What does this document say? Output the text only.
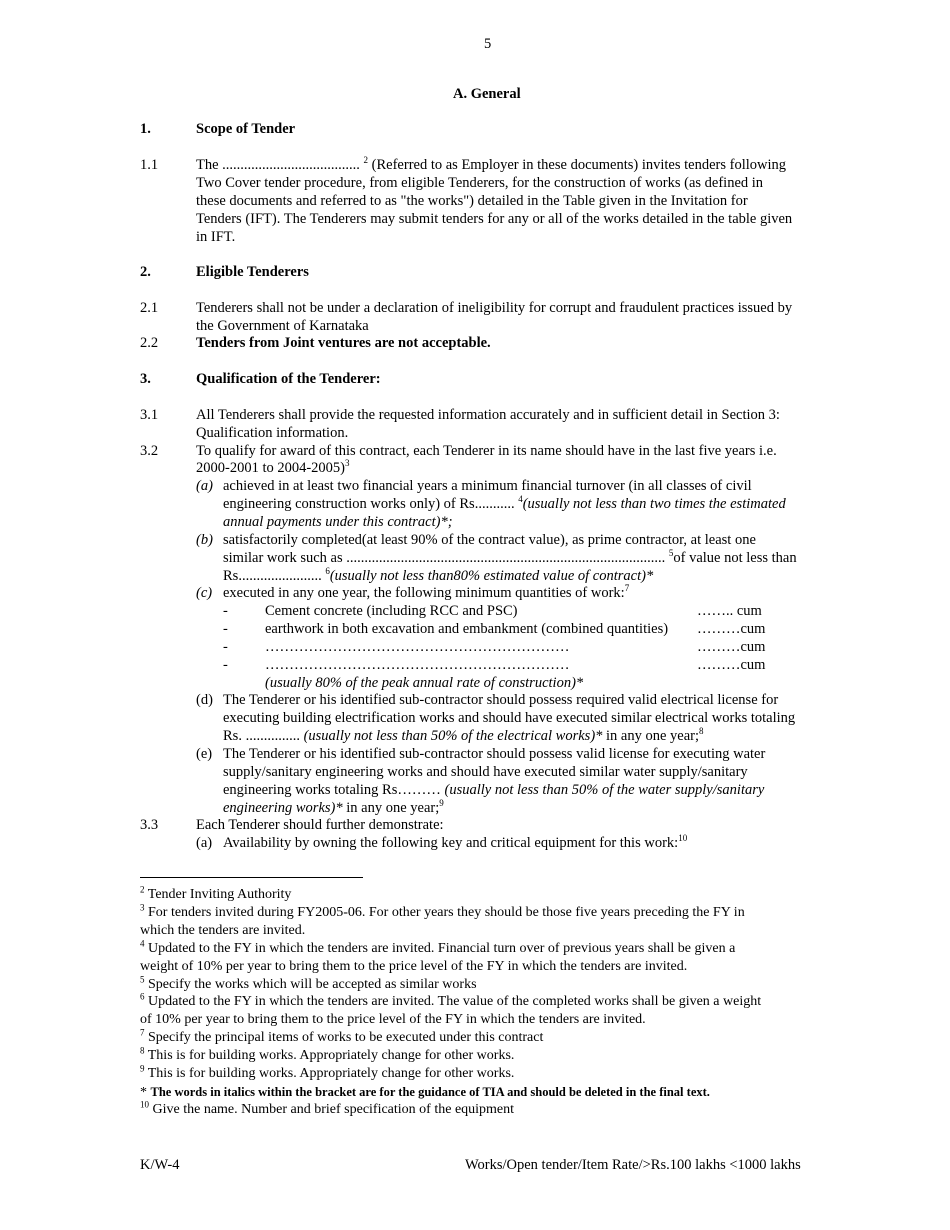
5
A. General
1.	Scope of Tender
1.1	The ...................................... $^2$ (Referred to as Employer in these documents) invites tenders following
Two Cover tender procedure, from eligible Tenderers, for the construction of works (as defined in
these documents and referred to as "the works") detailed in the Table given in the Invitation for
Tenders (IFT). The Tenderers may submit tenders for any or all of the works detailed in the table given
in IFT.
2.	Eligible Tenderers
2.1	Tenderers shall not be under a declaration of ineligibility for corrupt and fraudulent practices issued by
the Government of Karnataka
2.2	Tenders from Joint ventures are not acceptable.
3.	Qualification of the Tenderer:
3.1	All Tenderers shall provide the requested information accurately and in sufficient detail in Section 3:
Qualification information.
3.2	To qualify for award of this contract, each Tenderer in its name should have in the last five years i.e.
2000-2001 to 2004-2005)$^3$
(a) achieved in at least two financial years a minimum financial turnover (in all classes of civil
engineering construction works only) of Rs........... $^4$(usually not less than two times the estimated
annual payments under this contract)*;
(b) satisfactorily completed(at least 90% of the contract value), as prime contractor, at least one
similar work such as ........................................................................................ $^5$of value not less than
Rs....................... $^6$(usually not less than80% estimated value of contract)*
(c) executed in any one year, the following minimum quantities of work:$^7$
-	Cement concrete (including RCC and PSC)	…….. cum
-	earthwork in both excavation and embankment (combined quantities) ………cum
-	………………………………………………………	………cum
-	………………………………………………………	………cum
(usually 80% of the peak annual rate of construction)*
(d) The Tenderer or his identified sub-contractor should possess required valid electrical license for
executing building electrification works and should have executed similar electrical works totaling
Rs. ............... (usually not less than 50% of the electrical works)* in any one year;$^8$
(e) The Tenderer or his identified sub-contractor should possess valid license for executing water
supply/sanitary engineering works and should have executed similar water supply/sanitary
engineering works totaling Rs……… (usually not less than 50% of the water supply/sanitary
engineering works)* in any one year;$^9$
3.3	Each Tenderer should further demonstrate:
(a) Availability by owning the following key and critical equipment for this work:$^{10}$
$^2$ Tender Inviting Authority
$^3$ For tenders invited during FY2005-06. For other years they should be those five years preceding the FY in
which the tenders are invited.
$^4$ Updated to the FY in which the tenders are invited. Financial turn over of previous years shall be given a
weight of 10% per year to bring them to the price level of the FY in which the tenders are invited.
$^5$ Specify the works which will be accepted as similar works
$^6$ Updated to the FY in which the tenders are invited. The value of the completed works shall be given a weight
of 10% per year to bring them to the price level of the FY in which the tenders are invited.
$^7$ Specify the principal items of works to be executed under this contract
$^8$ This is for building works. Appropriately change for other works.
$^9$ This is for building works. Appropriately change for other works.
* The words in italics within the bracket are for the guidance of TIA and should be deleted in the final text.
$^{10}$ Give the name. Number and brief specification of the equipment
K/W-4	Works/Open tender/Item Rate/>Rs.100 lakhs <1000 lakhs
